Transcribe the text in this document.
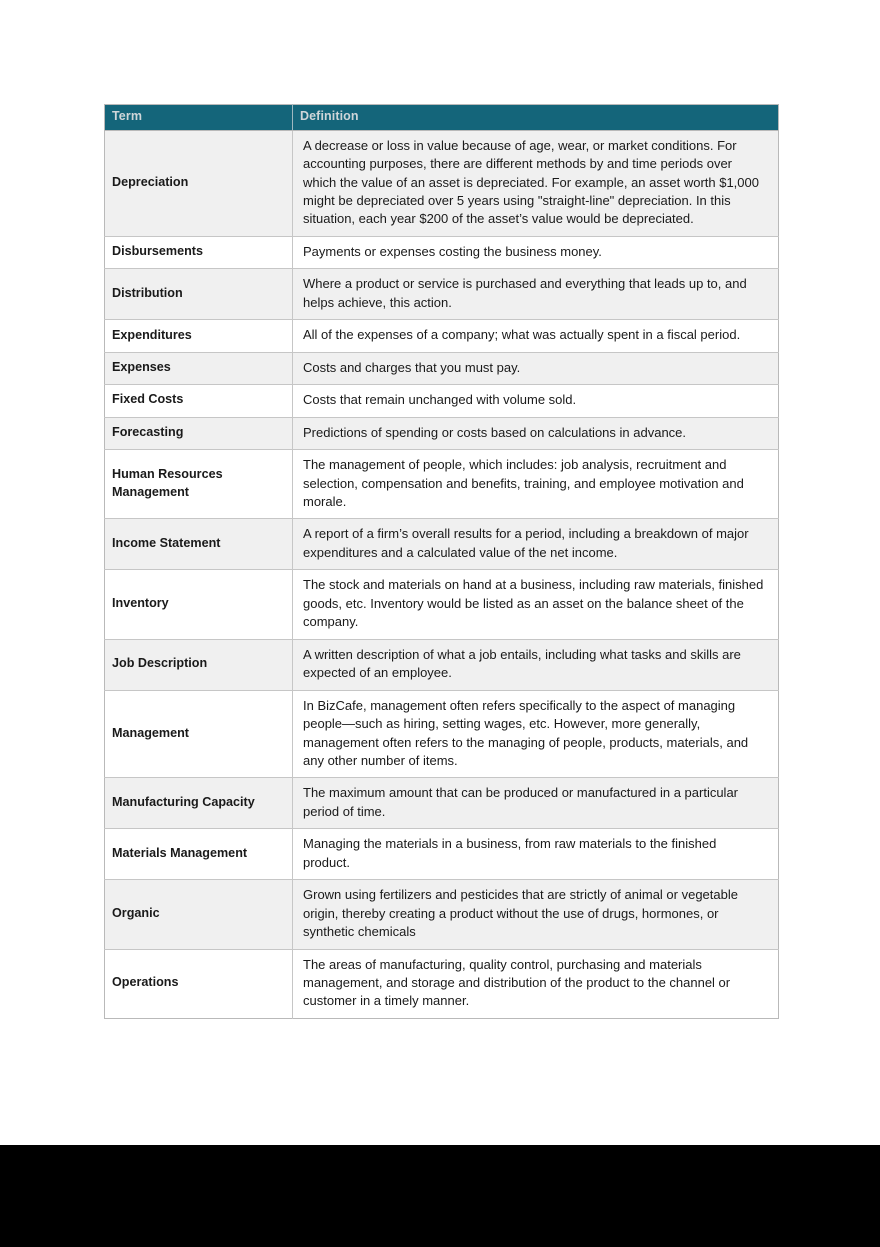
Term	Definition
Depreciation	A decrease or loss in value because of age, wear, or market conditions. For accounting purposes, there are different methods by and time periods over which the value of an asset is depreciated. For example, an asset worth $1,000 might be depreciated over 5 years using "straight-line" depreciation. In this situation, each year $200 of the asset’s value would be depreciated.
Disbursements	Payments or expenses costing the business money.
Distribution	Where a product or service is purchased and everything that leads up to, and helps achieve, this action.
Expenditures	All of the expenses of a company; what was actually spent in a fiscal period.
Expenses	Costs and charges that you must pay.
Fixed Costs	Costs that remain unchanged with volume sold.
Forecasting	Predictions of spending or costs based on calculations in advance.
Human Resources Management	The management of people, which includes: job analysis, recruitment and selection, compensation and benefits, training, and employee motivation and morale.
Income Statement	A report of a firm’s overall results for a period, including a breakdown of major expenditures and a calculated value of the net income.
Inventory	The stock and materials on hand at a business, including raw materials, finished goods, etc. Inventory would be listed as an asset on the balance sheet of the company.
Job Description	A written description of what a job entails, including what tasks and skills are expected of an employee.
Management	In BizCafe, management often refers specifically to the aspect of managing people—such as hiring, setting wages, etc. However, more generally, management often refers to the managing of people, products, materials, and any other number of items.
Manufacturing Capacity	The maximum amount that can be produced or manufactured in a particular period of time.
Materials Management	Managing the materials in a business, from raw materials to the finished product.
Organic	Grown using fertilizers and pesticides that are strictly of animal or vegetable origin, thereby creating a product without the use of drugs, hormones, or synthetic chemicals
Operations	The areas of manufacturing, quality control, purchasing and materials management, and storage and distribution of the product to the channel or customer in a timely manner.
